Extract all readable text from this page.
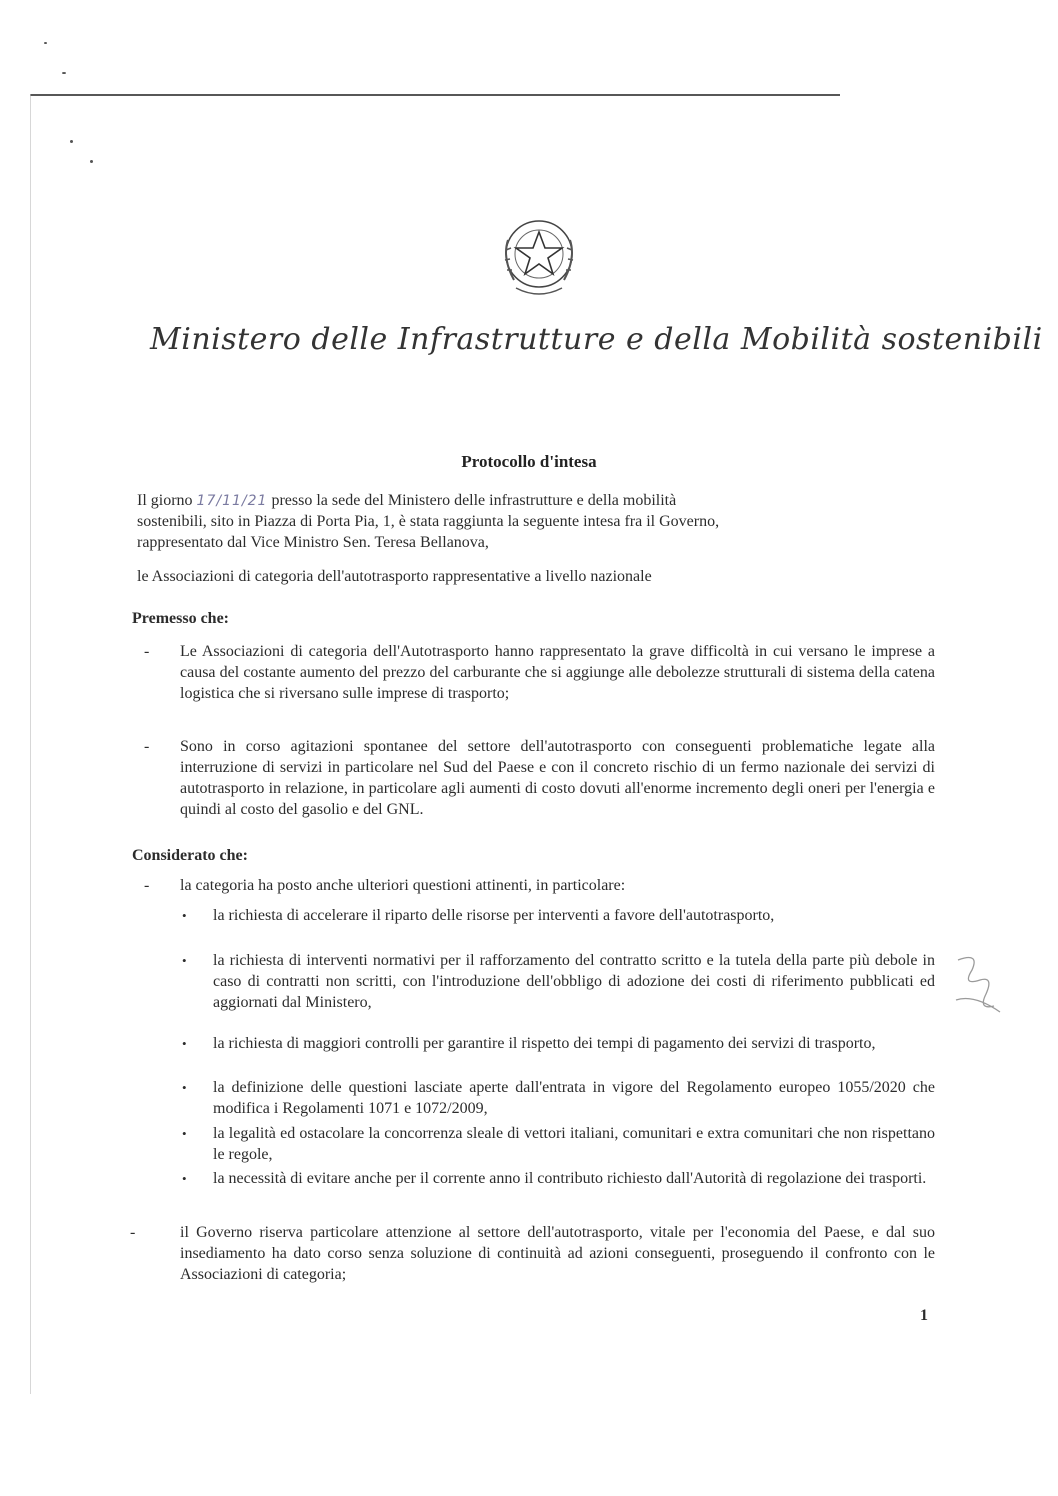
Ministero delle Infrastrutture e della Mobilità sostenibili
Protocollo d'intesa
Il giorno 17/11/21 presso la sede del Ministero delle infrastrutture e della mobilità
sostenibili, sito in Piazza di Porta Pia, 1, è stata raggiunta la seguente intesa fra il Governo,
rappresentato dal Vice Ministro Sen. Teresa Bellanova,
le Associazioni di categoria dell'autotrasporto rappresentative a livello nazionale
Premesso che:
- Le Associazioni di categoria dell'Autotrasporto hanno rappresentato la grave difficoltà in cui versano le imprese a causa del costante aumento del prezzo del carburante che si aggiunge alle debolezze strutturali di sistema della catena logistica che si riversano sulle imprese di trasporto;
- Sono in corso agitazioni spontanee del settore dell'autotrasporto con conseguenti problematiche legate alla interruzione di servizi in particolare nel Sud del Paese e con il concreto rischio di un fermo nazionale dei servizi di autotrasporto in relazione, in particolare agli aumenti di costo dovuti all'enorme incremento degli oneri per l'energia e quindi al costo del gasolio e del GNL.
Considerato che:
- la categoria ha posto anche ulteriori questioni attinenti, in particolare:
• la richiesta di accelerare il riparto delle risorse per interventi a favore dell'autotrasporto,
• la richiesta di interventi normativi per il rafforzamento del contratto scritto e la tutela della parte più debole in caso di contratti non scritti, con l'introduzione dell'obbligo di adozione dei costi di riferimento pubblicati ed aggiornati dal Ministero,
• la richiesta di maggiori controlli per garantire il rispetto dei tempi di pagamento dei servizi di trasporto,
• la definizione delle questioni lasciate aperte dall'entrata in vigore del Regolamento europeo 1055/2020 che modifica i Regolamenti 1071 e 1072/2009,
• la legalità ed ostacolare la concorrenza sleale di vettori italiani, comunitari e extra comunitari che non rispettano le regole,
• la necessità di evitare anche per il corrente anno il contributo richiesto dall'Autorità di regolazione dei trasporti.
-	il Governo riserva particolare attenzione al settore dell'autotrasporto, vitale per l'economia del Paese, e dal suo insediamento ha dato corso senza soluzione di continuità ad azioni conseguenti, proseguendo il confronto con le Associazioni di categoria;
1
